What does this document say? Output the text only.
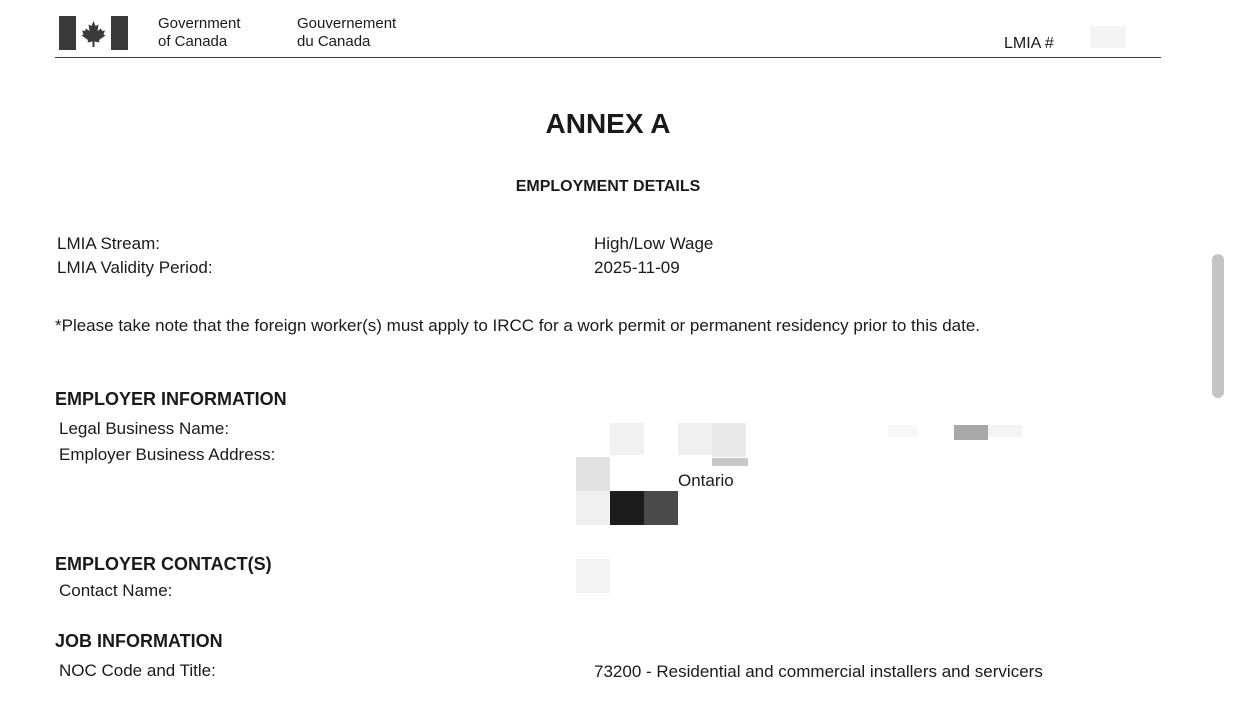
Government
of Canada
Gouvernement
du Canada	LMIA #
ANNEX A
EMPLOYMENT DETAILS
LMIA Stream:	High/Low Wage
LMIA Validity Period:	2025-11-09
*Please take note that the foreign worker(s) must apply to IRCC for a work permit or permanent residency prior to this date.
EMPLOYER INFORMATION
Legal Business Name:
Employer Business Address:
Ontario
EMPLOYER CONTACT(S)
Contact Name:
JOB INFORMATION
NOC Code and Title:	73200 - Residential and commercial installers and servicers
